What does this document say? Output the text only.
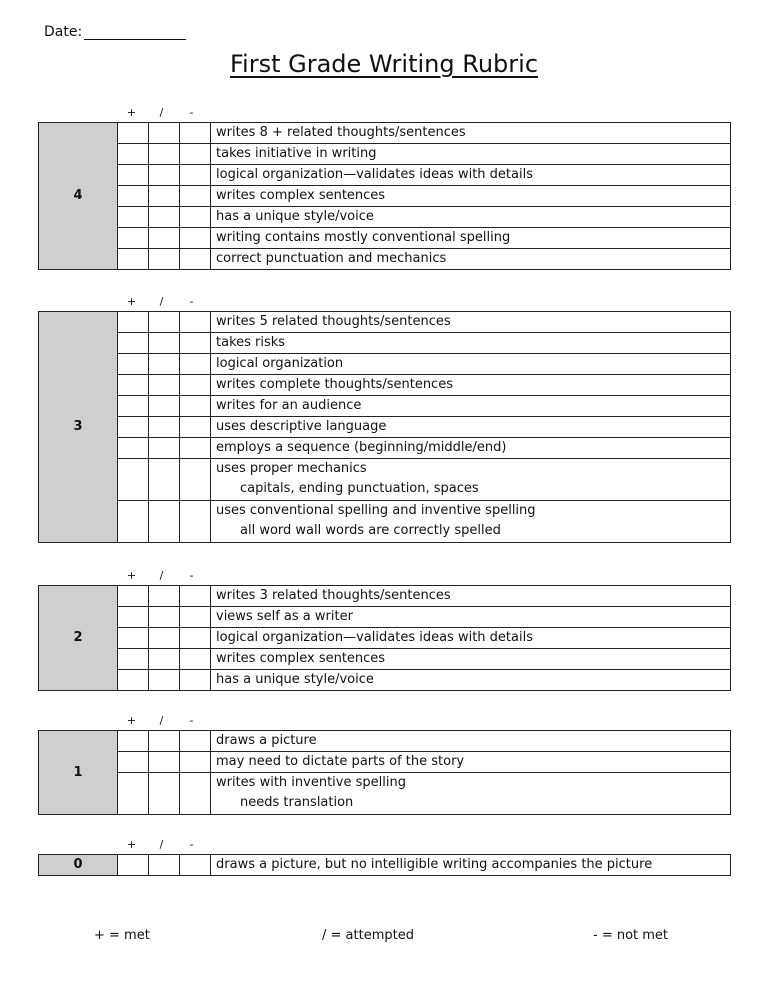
Date:
First Grade Writing Rubric
+	/	-
4				writes 8 + related thoughts/sentences
				takes initiative in writing
				logical organization—validates ideas with details
				writes complex sentences
				has a unique style/voice
				writing contains mostly conventional spelling
				correct punctuation and mechanics
+	/	-
3				writes 5 related thoughts/sentences
				takes risks
				logical organization
				writes complete thoughts/sentences
				writes for an audience
				uses descriptive language
				employs a sequence (beginning/middle/end)
				uses proper mechanics
capitals, ending punctuation, spaces

				uses conventional spelling and inventive spelling
all word wall words are correctly spelled
+	/	-
2				writes 3 related thoughts/sentences
				views self as a writer
				logical organization—validates ideas with details
				writes complex sentences
				has a unique style/voice
+	/	-
1				draws a picture
				may need to dictate parts of the story
				writes with inventive spelling
needs translation
+	/	-
0				draws a picture, but no intelligible writing accompanies the picture
+ = met	/ = attempted	- = not met
